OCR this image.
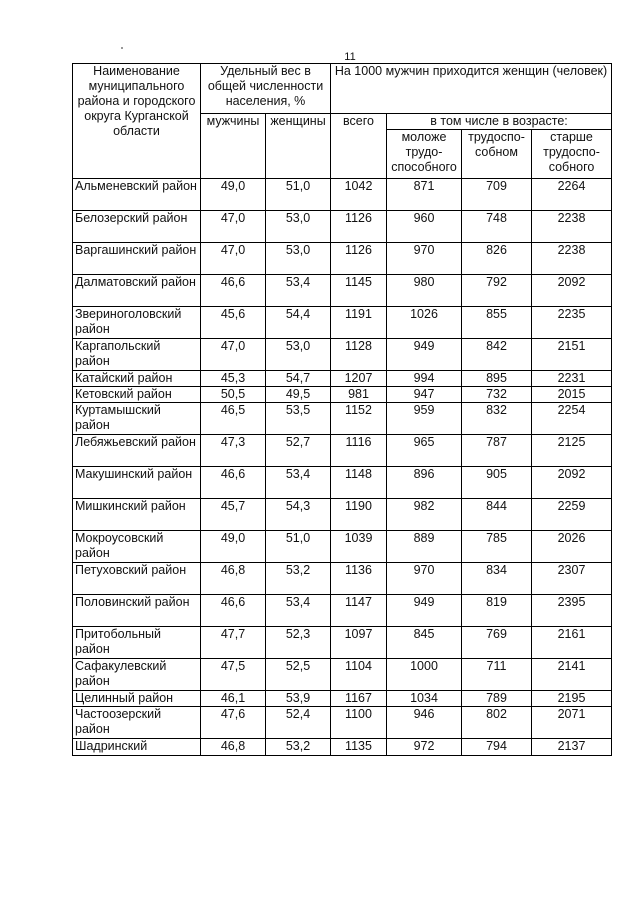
11
Наименование муниципального района и городского округа Курганской области	Удельный вес в общей численности населения, %		На 1000 мужчин приходится женщин (человек)			
	мужчины	женщины	всего	в том числе в возрасте:		
				моложе трудо-способного	трудоспо-собном	старше трудоспо-собного
Альменевский район	49,0	51,0	1042	871	709	2264
Белозерский район	47,0	53,0	1126	960	748	2238
Варгашинский район	47,0	53,0	1126	970	826	2238
Далматовский район	46,6	53,4	1145	980	792	2092
Звериноголовский район	45,6	54,4	1191	1026	855	2235
Каргапольский район	47,0	53,0	1128	949	842	2151
Катайский район	45,3	54,7	1207	994	895	2231
Кетовский район	50,5	49,5	981	947	732	2015
Куртамышский район	46,5	53,5	1152	959	832	2254
Лебяжьевский район	47,3	52,7	1116	965	787	2125
Макушинский район	46,6	53,4	1148	896	905	2092
Мишкинский район	45,7	54,3	1190	982	844	2259
Мокроусовский район	49,0	51,0	1039	889	785	2026
Петуховский район	46,8	53,2	1136	970	834	2307
Половинский район	46,6	53,4	1147	949	819	2395
Притобольный район	47,7	52,3	1097	845	769	2161
Сафакулевский район	47,5	52,5	1104	1000	711	2141
Целинный район	46,1	53,9	1167	1034	789	2195
Частоозерский район	47,6	52,4	1100	946	802	2071
Шадринский	46,8	53,2	1135	972	794	2137
